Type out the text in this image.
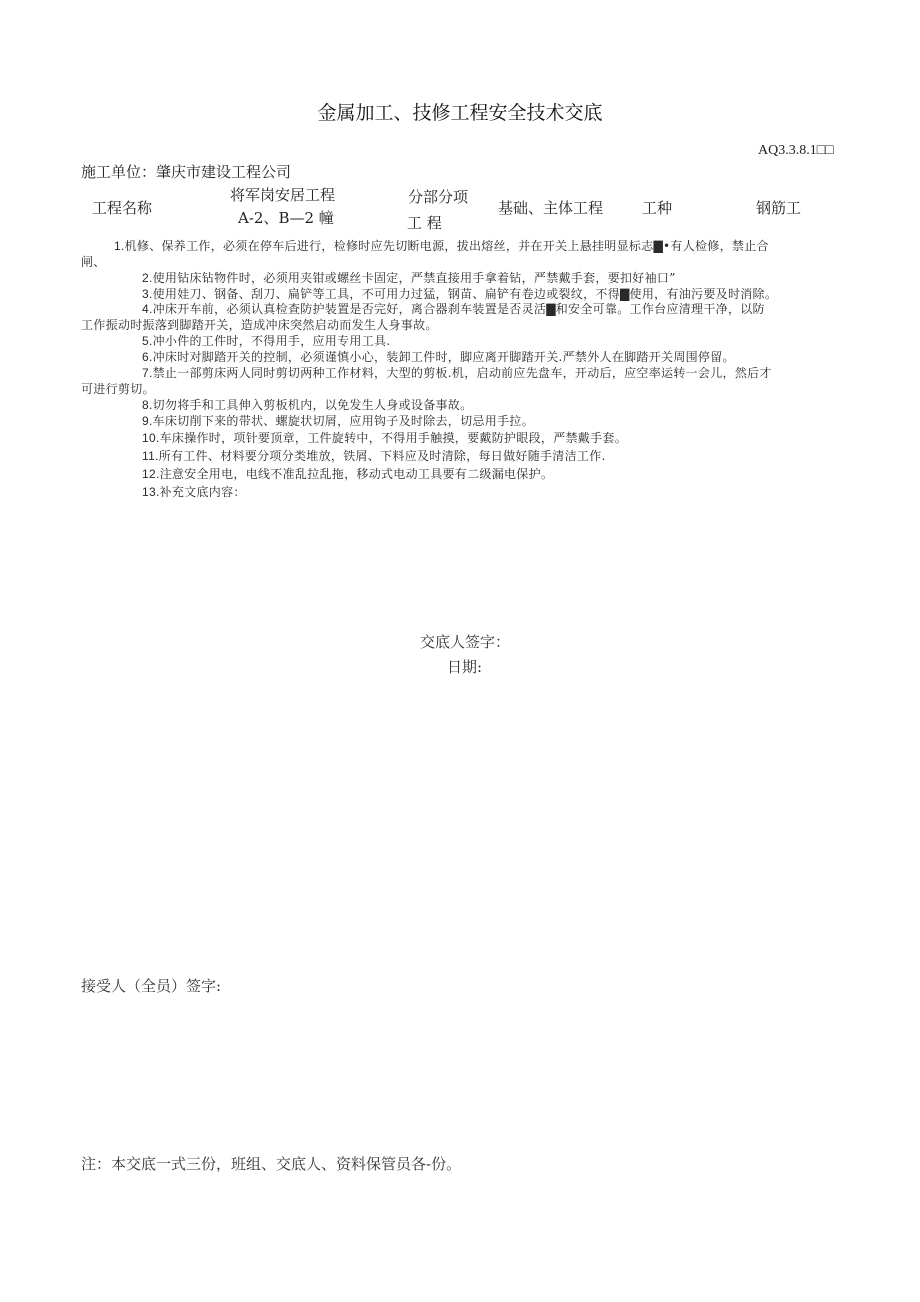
金属加工、技修工程安全技术交底
AQ3.3.8.1□□
施工单位：肇庆市建设工程公司
工程名称
将军岗安居工程
A-2、B—2 幢
分部分项
工 程
基础、主体工程	工种	钢筋工
1.机修、保养工作，必须在停车后进行，检修时应先切断电源，拔出熔丝，并在开关上悬挂明显标志▇•有人检修，禁止合
闸、
2.使用钻床钻物件时，必须用夹钳或螺丝卡固定，严禁直接用手拿着钻，严禁戴手套，要扣好袖口”
3.使用娃刀、钢备、刮刀、扁铲等工具，不可用力过猛，钢苗、扁铲有卷边或裂纹，不得▇使用，有油污要及时消除。
4.冲床开车前，必须认真检查防护装置是否完好，离合器刹车装置是否灵活▇和安全可靠。工作台应清理干净，以防
工作振动时振落到脚踏开关，造成冲床突然启动而发生人身事故。
5.冲小件的工件时，不得用手，应用专用工具.
6.冲床时对脚踏开关的控制，必须谨慎小心，装卸工件时，脚应离开脚踏开关.严禁外人在脚踏开关周围停留。
7.禁止一部剪床两人同时剪切两种工作材料，大型的剪板.机，启动前应先盘车，开动后，应空率运转一会儿，然后才
可进行剪切。
8.切勿将手和工具伸入剪板机内，以免发生人身或设备事故。
9.车床切削下来的带状、螺旋状切屑，应用钩子及时除去，切忌用手拉。
10.车床操作时，项针要顶章，工件旋转中，不得用手触摸，要戴防护眼段，严禁戴手套。
11.所有工件、材料要分项分类堆放，铁屑、下料应及时清除，每日做好随手清洁工作.
12.注意安全用电，电线不准乱拉乱拖，移动式电动工具要有二级漏电保护。
13.补充文底内容：
交底人签字：
日期:
接受人（全员）签字:
注：本交底一式三份，班组、交底人、资料保管员各-份。
